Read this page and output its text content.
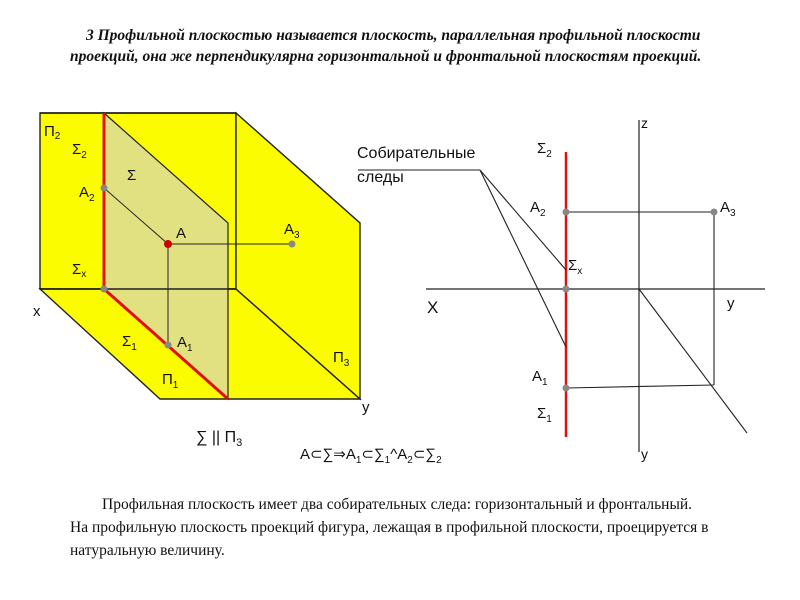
3 Профильной плоскостью называется плоскость, параллельная профильной плоскости проекций, она же перпендикулярна горизонтальной и фронтальной плоскостям проекций.

$П_2$
$\Sigma_2$
Σ
$A_2$
A	$A_3$
$\Sigma_x$
x
$\Sigma_1$	$A_1$
$П_1$
$П_3$
y
∑ || $П_3$
$A\subset\sum\Rightarrow A_1\subset\sum_1\^{}A_2\subset\sum_2$
Собирательные
следы
z
$\Sigma_2$
$A_2$	$A_3$
$\Sigma_x$
X	y
$A_1$
$\Sigma_1$
y

Профильная плоскость имеет два собирательных следа: горизонтальный и фронтальный. На профильную плоскость проекций фигура, лежащая в профильной плоскости, проецируется в натуральную величину.
